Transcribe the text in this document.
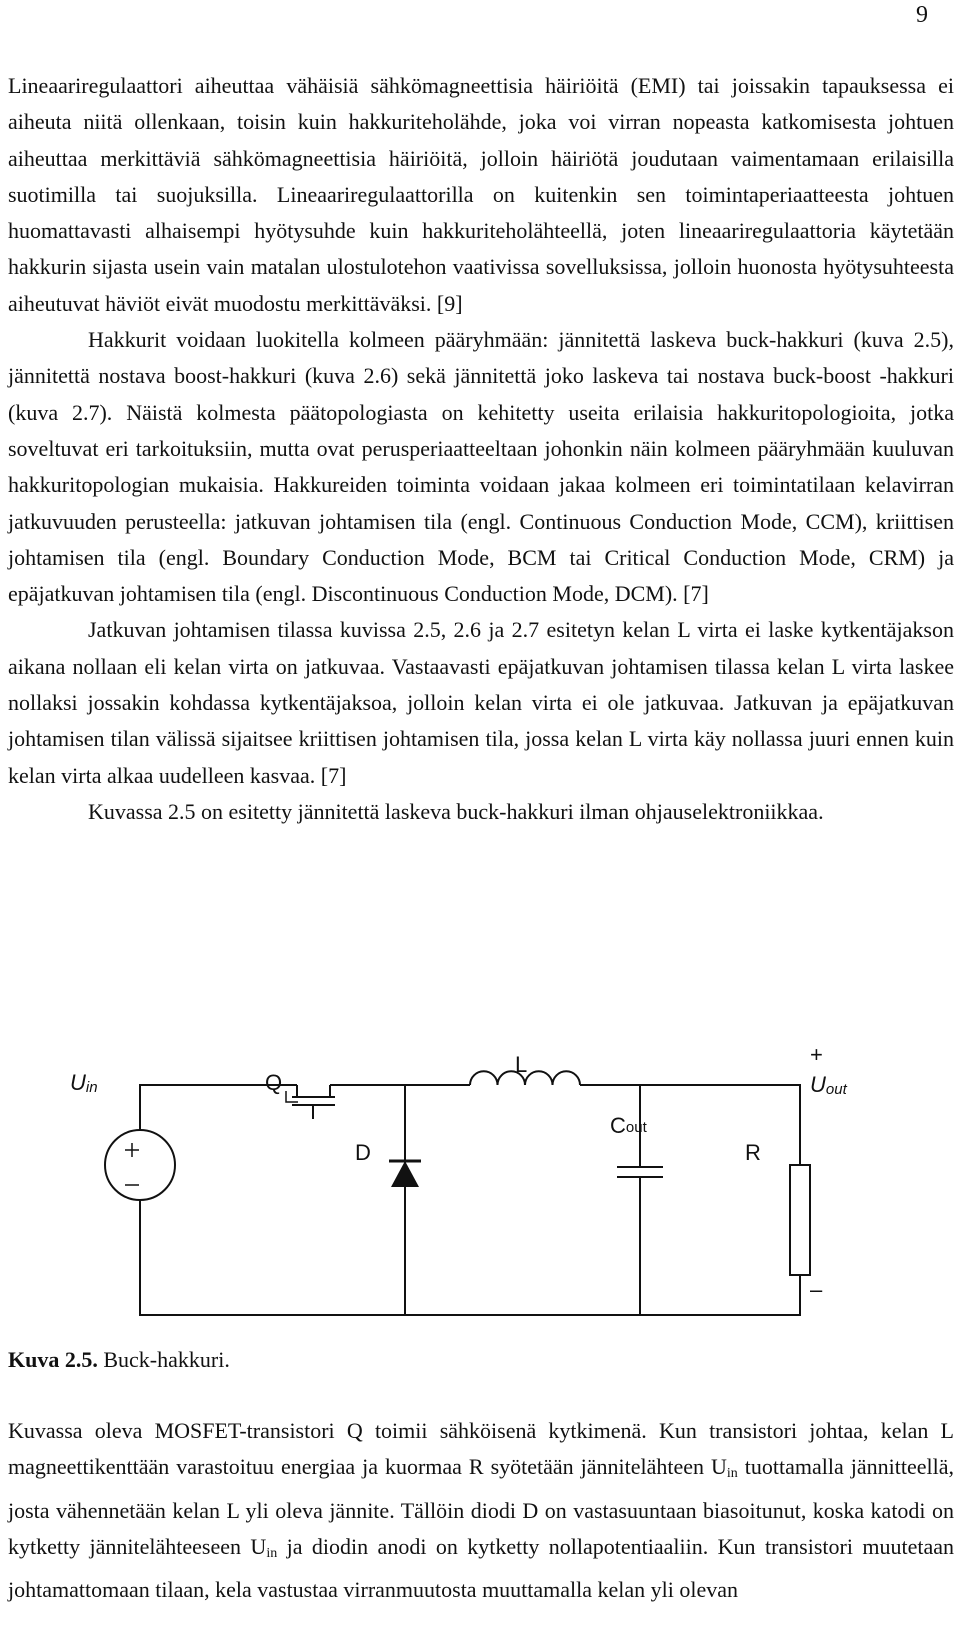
9

Lineaariregulaattori aiheuttaa vähäisiä sähkömagneettisia häiriöitä (EMI) tai joissakin tapauksessa ei aiheuta niitä ollenkaan, toisin kuin hakkuriteholähde, joka voi virran nopeasta katkomisesta johtuen aiheuttaa merkittäviä sähkömagneettisia häiriöitä, jolloin häiriötä joudutaan vaimentamaan erilaisilla suotimilla tai suojuksilla. Lineaariregulaattorilla on kuitenkin sen toimintaperiaatteesta johtuen huomattavasti alhaisempi hyötysuhde kuin hakkuriteholähteellä, joten lineaariregulaattoria käytetään hakkurin sijasta usein vain matalan ulostulotehon vaativissa sovelluksissa, jolloin huonosta hyötysuhteesta aiheutuvat häviöt eivät muodostu merkittäväksi. [9]

Hakkurit voidaan luokitella kolmeen pääryhmään: jännitettä laskeva buck-hakkuri (kuva 2.5), jännitettä nostava boost-hakkuri (kuva 2.6) sekä jännitettä joko laskeva tai nostava buck-boost -hakkuri (kuva 2.7). Näistä kolmesta päätopologiasta on kehitetty useita erilaisia hakkuritopologioita, jotka soveltuvat eri tarkoituksiin, mutta ovat perusperiaatteeltaan johonkin näin kolmeen pääryhmään kuuluvan hakkuritopologian mukaisia. Hakkureiden toiminta voidaan jakaa kolmeen eri toimintatilaan kelavirran jatkuvuuden perusteella: jatkuvan johtamisen tila (engl. Continuous Conduction Mode, CCM), kriittisen johtamisen tila (engl. Boundary Conduction Mode, BCM tai Critical Conduction Mode, CRM) ja epäjatkuvan johtamisen tila (engl. Discontinuous Conduction Mode, DCM). [7]

Jatkuvan johtamisen tilassa kuvissa 2.5, 2.6 ja 2.7 esitetyn kelan L virta ei laske kytkentäjakson aikana nollaan eli kelan virta on jatkuvaa. Vastaavasti epäjatkuvan johtamisen tilassa kelan L virta laskee nollaksi jossakin kohdassa kytkentäjaksoa, jolloin kelan virta ei ole jatkuvaa. Jatkuvan ja epäjatkuvan johtamisen tilan välissä sijaitsee kriittisen johtamisen tila, jossa kelan L virta käy nollassa juuri ennen kuin kelan virta alkaa uudelleen kasvaa. [7]

Kuvassa 2.5 on esitetty jännitettä laskeva buck-hakkuri ilman ohjauselektroniikkaa.

Uin	Q
D
L
Cout
R
+
Uout
–
Kuva 2.5. Buck-hakkuri.

Kuvassa oleva MOSFET-transistori Q toimii sähköisenä kytkimenä. Kun transistori johtaa, kelan L magneettikenttään varastoituu energiaa ja kuormaa R syötetään jännitelähteen $U_{in}$ tuottamalla jännitteellä, josta vähennetään kelan L yli oleva jännite. Tällöin diodi D on vastasuuntaan biasoitunut, koska katodi on kytketty jännitelähteeseen $U_{in}$ ja diodin anodi on kytketty nollapotentiaaliin. Kun transistori muutetaan johtamattomaan tilaan, kela vastustaa virranmuutosta muuttamalla kelan yli olevan
